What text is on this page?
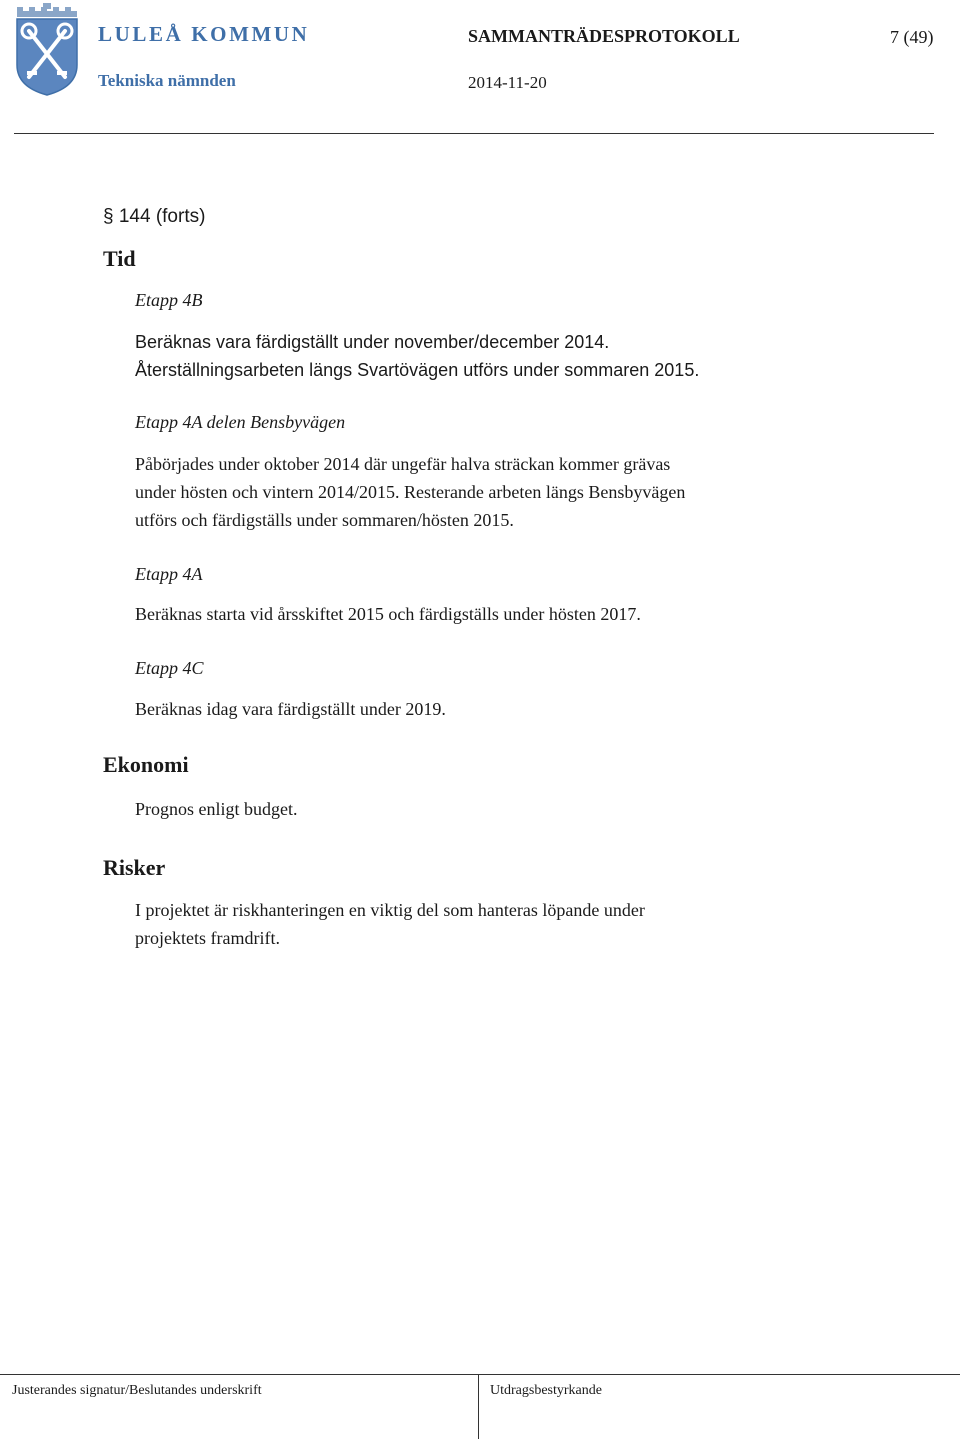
LULEÅ KOMMUN
Tekniska nämnden
SAMMANTRÄDESPROTOKOLL	7 (49)
2014-11-20
§ 144 (forts)
Tid
Etapp 4B
Beräknas vara färdigställt under november/december 2014.
Återställningsarbeten längs Svartövägen utförs under sommaren 2015.
Etapp 4A delen Bensbyvägen
Påbörjades under oktober 2014 där ungefär halva sträckan kommer grävas
under hösten och vintern 2014/2015. Resterande arbeten längs Bensbyvägen
utförs och färdigställs under sommaren/hösten 2015.
Etapp 4A
Beräknas starta vid årsskiftet 2015 och färdigställs under hösten 2017.
Etapp 4C
Beräknas idag vara färdigställt under 2019.
Ekonomi
Prognos enligt budget.
Risker
I projektet är riskhanteringen en viktig del som hanteras löpande under
projektets framdrift.
Justerandes signatur/Beslutandes underskrift	Utdragsbestyrkande
